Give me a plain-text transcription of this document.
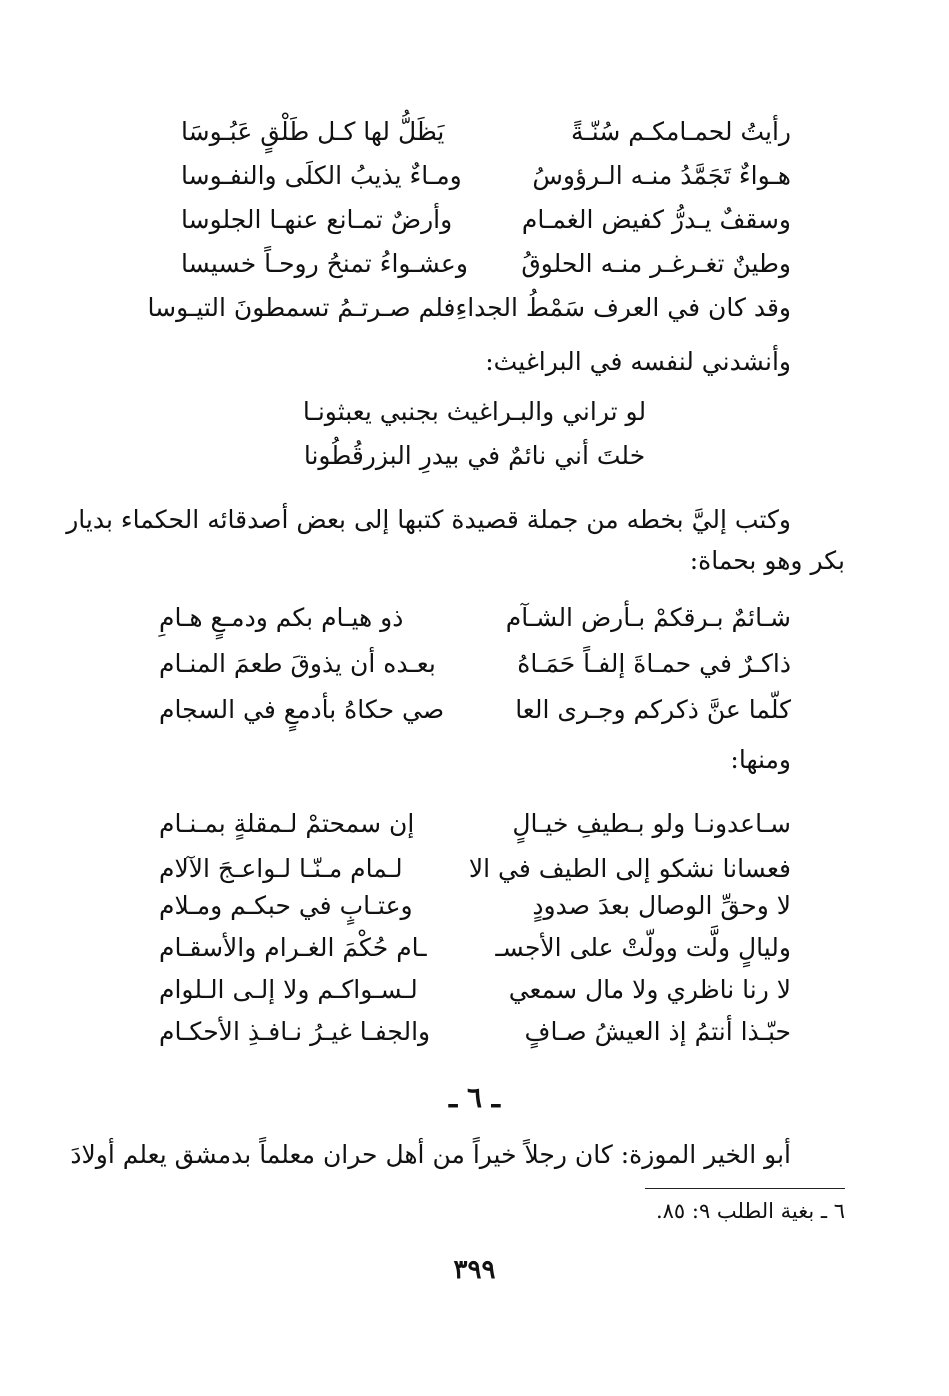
رأيتُ لحمـامكـم سُنّـةً
يَظَلُّ لها كـل طَلْقٍ عَبُـوسَا
هـواءٌ تَجَمَّدُ منـه الـرؤوسُ
ومـاءٌ يذيبُ الكلَى والنفـوسا
وسقفٌ يـدرُّ كفيض الغمـام
وأرضٌ تمـانع عنهـا الجلوسا
وطينٌ تغـرغـر منـه الحلوقُ
وعشـواءُ تمنحُ روحـاً خسيسا
وقد كان في العرف سَمْطُ الجداءِ
فلم صـرتـمُ تسمطونَ التيـوسا
وأنشدني لنفسه في البراغيث:
لو تراني والبـراغيث بجنبي يعبثونـا
خلتَ أني نائمٌ في بيدرِ البزرقُطُونا
وكتب إليَّ بخطه من جملة قصيدة كتبها إلى بعض أصدقائه الحكماء بديار
بكر وهو بحماة:
شـائمٌ بـرقكمْ بـأرض الشـآم
ذو هيـام بكم ودمـعٍ هـامِ
ذاكـرٌ في حمـاةَ إلفـاً حَمَـاهُ
بعـده أن يذوقَ طعمَ المنـام
كلّما عنَّ ذكركم وجـرى العا
صي حكاهُ بأدمعٍ في السجام
ومنها:
سـاعدونـا ولو بـطيفِ خيـالٍ
إن سمحتمْ لـمقلةٍ بمـنـام
فعسانا نشكو إلى الطيف في الا
لـمام مـنّـا لـواعـجَ الآلام
لا وحقِّ الوصال بعدَ صدودٍ
وعتـابٍ في حبكـم ومـلام
وليالٍ ولَّت وولّتْ على الأجسـ
ـام حُكْمَ الغـرام والأسقـام
لا رنا ناظري ولا مال سمعي
لـسـواكـم ولا إلـى الـلوام
حبّـذا أنتمُ إذ العيشُ صـافٍ
والجفـا غيـرُ نـافـذِ الأحكـام
ـ ٦ ـ
أبو الخير الموزة: كان رجلاً خيراً من أهل حران معلماً بدمشق يعلم أولادَ
٦ ـ بغية الطلب ٩: ٨٥.
٣٩٩
